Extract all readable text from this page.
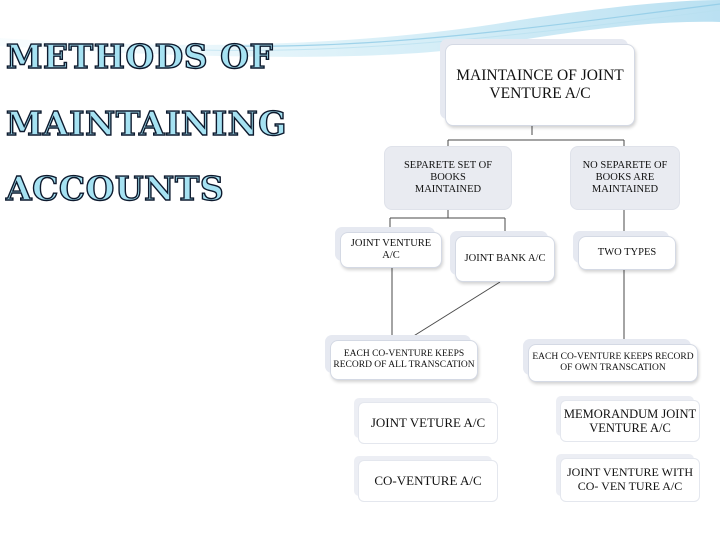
METHODS OF
MAINTAINING
ACCOUNTS
MAINTAINCE OF JOINT VENTURE A/C
SEPARETE SET OF BOOKS MAINTAINED
NO SEPARETE OF BOOKS ARE MAINTAINED
JOINT VENTURE A/C	JOINT BANK A/C
TWO TYPES
EACH CO-VENTURE KEEPS RECORD OF ALL TRANSCATION
EACH CO-VENTURE KEEPS RECORD OF OWN TRANSCATION
JOINT VETURE A/C
MEMORANDUM JOINT VENTURE A/C
CO-VENTURE A/C
JOINT VENTURE WITH CO- VEN TURE A/C
